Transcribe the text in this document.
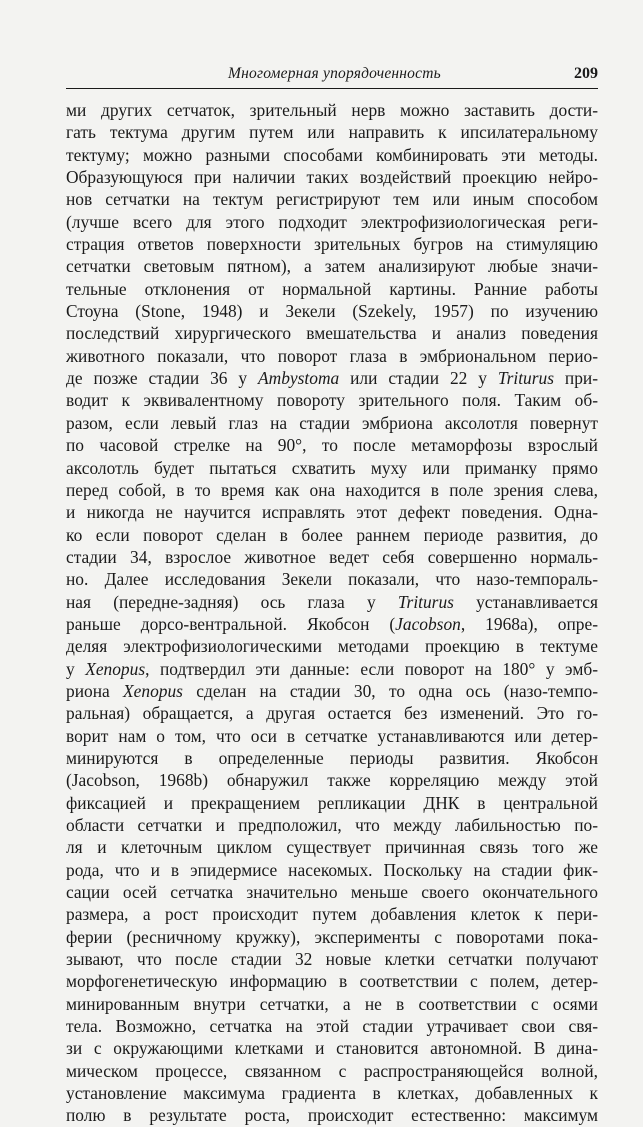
Многомерная упорядоченность	209
ми других сетчаток, зрительный нерв можно заставить дости-
гать тектума другим путем или направить к ипсилатеральному
тектуму; можно разными способами комбинировать эти методы.
Образующуюся при наличии таких воздействий проекцию нейро-
нов сетчатки на тектум регистрируют тем или иным способом
(лучше всего для этого подходит электрофизиологическая реги-
страция ответов поверхности зрительных бугров на стимуляцию
сетчатки световым пятном), а затем анализируют любые значи-
тельные отклонения от нормальной картины. Ранние работы
Стоуна (Stone, 1948) и Зекели (Szekely, 1957) по изучению
последствий хирургического вмешательства и анализ поведения
животного показали, что поворот глаза в эмбриональном перио-
де позже стадии 36 у Ambystoma или стадии 22 у Triturus при-
водит к эквивалентному повороту зрительного поля. Таким об-
разом, если левый глаз на стадии эмбриона аксолотля повернут
по часовой стрелке на 90°, то после метаморфозы взрослый
аксолотль будет пытаться схватить муху или приманку прямо
перед собой, в то время как она находится в поле зрения слева,
и никогда не научится исправлять этот дефект поведения. Одна-
ко если поворот сделан в более раннем периоде развития, до
стадии 34, взрослое животное ведет себя совершенно нормаль-
но. Далее исследования Зекели показали, что назо-темпораль-
ная (передне-задняя) ось глаза у Triturus устанавливается
раньше дорсо-вентральной. Якобсон (Jacobson, 1968a), опре-
деляя электрофизиологическими методами проекцию в тектуме
у Xenopus, подтвердил эти данные: если поворот на 180° у эмб-
риона Xenopus сделан на стадии 30, то одна ось (назо-темпо-
ральная) обращается, а другая остается без изменений. Это го-
ворит нам о том, что оси в сетчатке устанавливаются или детер-
минируются в определенные периоды развития. Якобсон
(Jacobson, 1968b) обнаружил также корреляцию между этой
фиксацией и прекращением репликации ДНК в центральной
области сетчатки и предположил, что между лабильностью по-
ля и клеточным циклом существует причинная связь того же
рода, что и в эпидермисе насекомых. Поскольку на стадии фик-
сации осей сетчатка значительно меньше своего окончательного
размера, а рост происходит путем добавления клеток к пери-
ферии (ресничному кружку), эксперименты с поворотами пока-
зывают, что после стадии 32 новые клетки сетчатки получают
морфогенетическую информацию в соответствии с полем, детер-
минированным внутри сетчатки, а не в соответствии с осями
тела. Возможно, сетчатка на этой стадии утрачивает свои свя-
зи с окружающими клетками и становится автономной. В дина-
мическом процессе, связанном с распространяющейся волной,
установление максимума градиента в клетках, добавленных к
полю в результате роста, происходит естественно: максимум
